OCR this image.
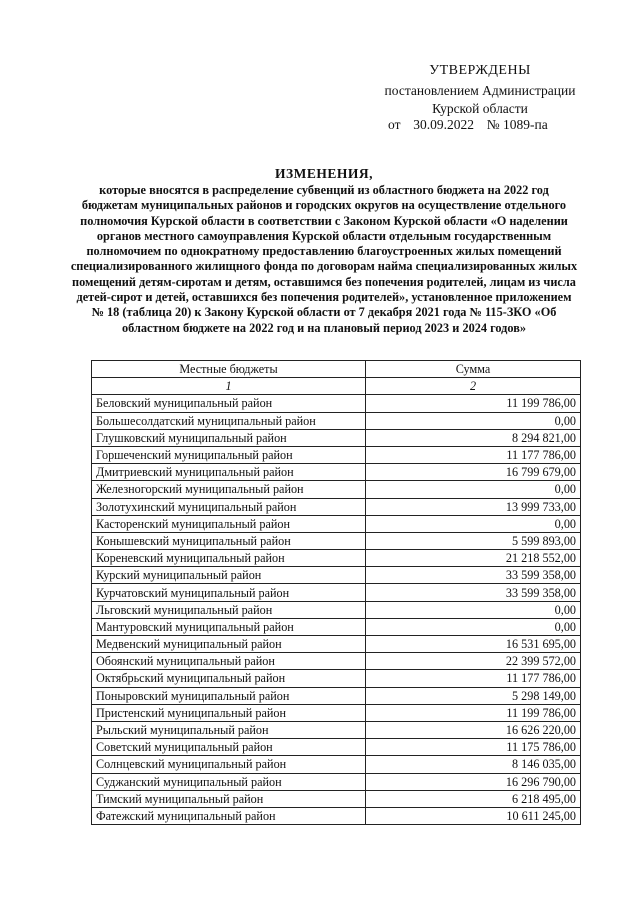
УТВЕРЖДЕНЫ
постановлением Администрации
Курской области
от 30.09.2022 № 1089-па
ИЗМЕНЕНИЯ,
которые вносятся в распределение субвенций из областного бюджета на 2022 год бюджетам муниципальных районов и городских округов на осуществление отдельного полномочия Курской области в соответствии с Законом Курской области «О наделении органов местного самоуправления Курской области отдельным государственным полномочием по однократному предоставлению благоустроенных жилых помещений специализированного жилищного фонда по договорам найма специализированных жилых помещений детям-сиротам и детям, оставшимся без попечения родителей, лицам из числа детей-сирот и детей, оставшихся без попечения родителей», установленное приложением № 18 (таблица 20) к Закону Курской области от 7 декабря 2021 года № 115-ЗКО «Об областном бюджете на 2022 год и на плановый период 2023 и 2024 годов»
Местные бюджеты	Сумма
1	2
Беловский муниципальный район	11 199 786,00
Большесолдатский муниципальный район	0,00
Глушковский муниципальный район	8 294 821,00
Горшеченский муниципальный район	11 177 786,00
Дмитриевский муниципальный район	16 799 679,00
Железногорский муниципальный район	0,00
Золотухинский муниципальный район	13 999 733,00
Касторенский муниципальный район	0,00
Конышевский муниципальный район	5 599 893,00
Кореневский муниципальный район	21 218 552,00
Курский муниципальный район	33 599 358,00
Курчатовский муниципальный район	33 599 358,00
Льговский муниципальный район	0,00
Мантуровский муниципальный район	0,00
Медвенский муниципальный район	16 531 695,00
Обоянский муниципальный район	22 399 572,00
Октябрьский муниципальный район	11 177 786,00
Поныровский муниципальный район	5 298 149,00
Пристенский муниципальный район	11 199 786,00
Рыльский муниципальный район	16 626 220,00
Советский муниципальный район	11 175 786,00
Солнцевский муниципальный район	8 146 035,00
Суджанский муниципальный район	16 296 790,00
Тимский муниципальный район	6 218 495,00
Фатежский муниципальный район	10 611 245,00
